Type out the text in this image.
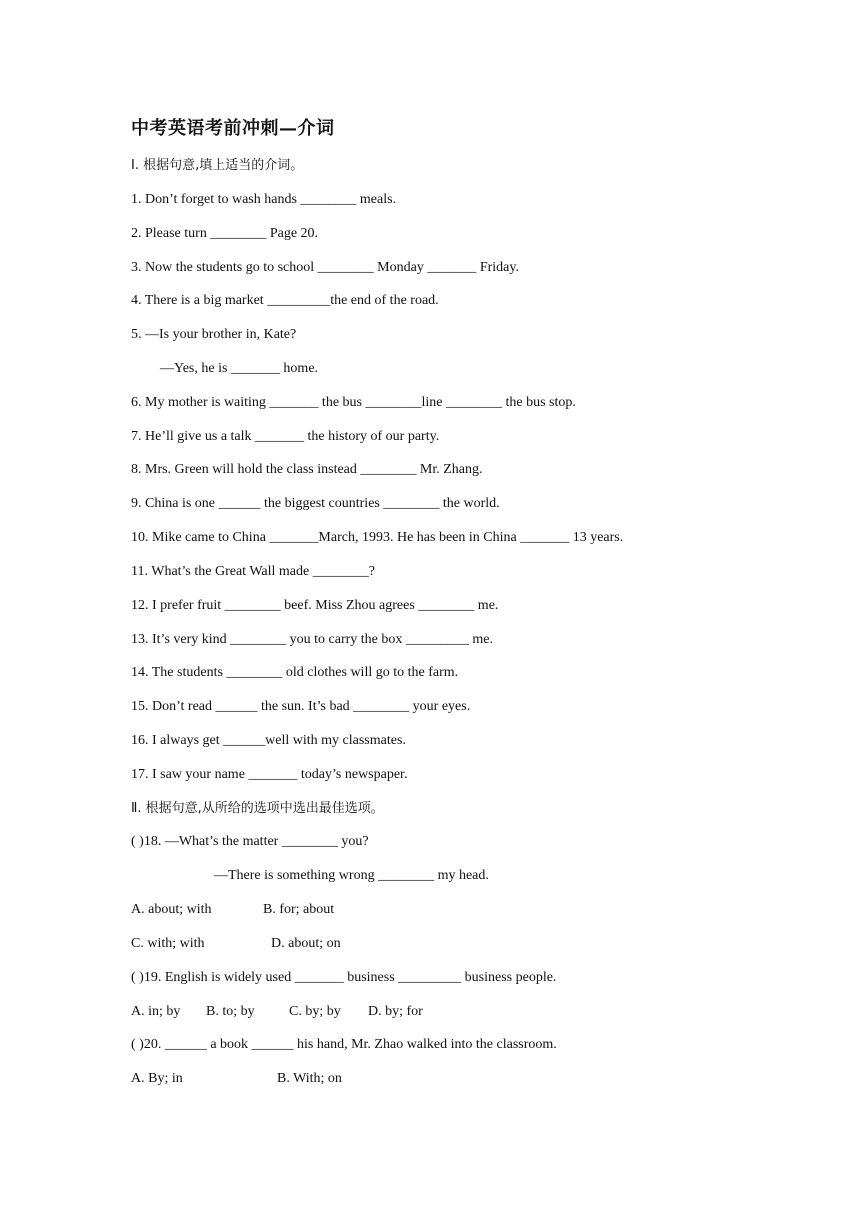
中考英语考前冲刺—介词
Ⅰ. 根据句意,填上适当的介词。
1. Don’t forget to wash hands ________ meals.
2. Please turn ________ Page 20.
3. Now the students go to school ________ Monday _______ Friday.
4. There is a big market _________the end of the road.
5. —Is your brother in, Kate?
—Yes, he is _______ home.
6. My mother is waiting _______ the bus ________line ________ the bus stop.
7. He’ll give us a talk _______ the history of our party.
8. Mrs. Green will hold the class instead ________ Mr. Zhang.
9. China is one ______ the biggest countries ________ the world.
10. Mike came to China _______March, 1993. He has been in China _______ 13 years.
11. What’s the Great Wall made ________?
12. I prefer fruit ________ beef. Miss Zhou agrees ________ me.
13. It’s very kind ________ you to carry the box _________ me.
14. The students ________ old clothes will go to the farm.
15. Don’t read ______ the sun. It’s bad ________ your eyes.
16. I always get ______well with my classmates.
17. I saw your name _______ today’s newspaper.
Ⅱ. 根据句意,从所给的选项中选出最佳选项。
( )18. —What’s the matter ________ you?
—There is something wrong ________ my head.
A. about; with	B. for; about
C. with; with	D. about; on
( )19. English is widely used _______ business _________ business people.
A. in; by B. to; by C. by; by D. by; for
( )20. ______ a book ______ his hand, Mr. Zhao walked into the classroom.
A. By; in	B. With; on
